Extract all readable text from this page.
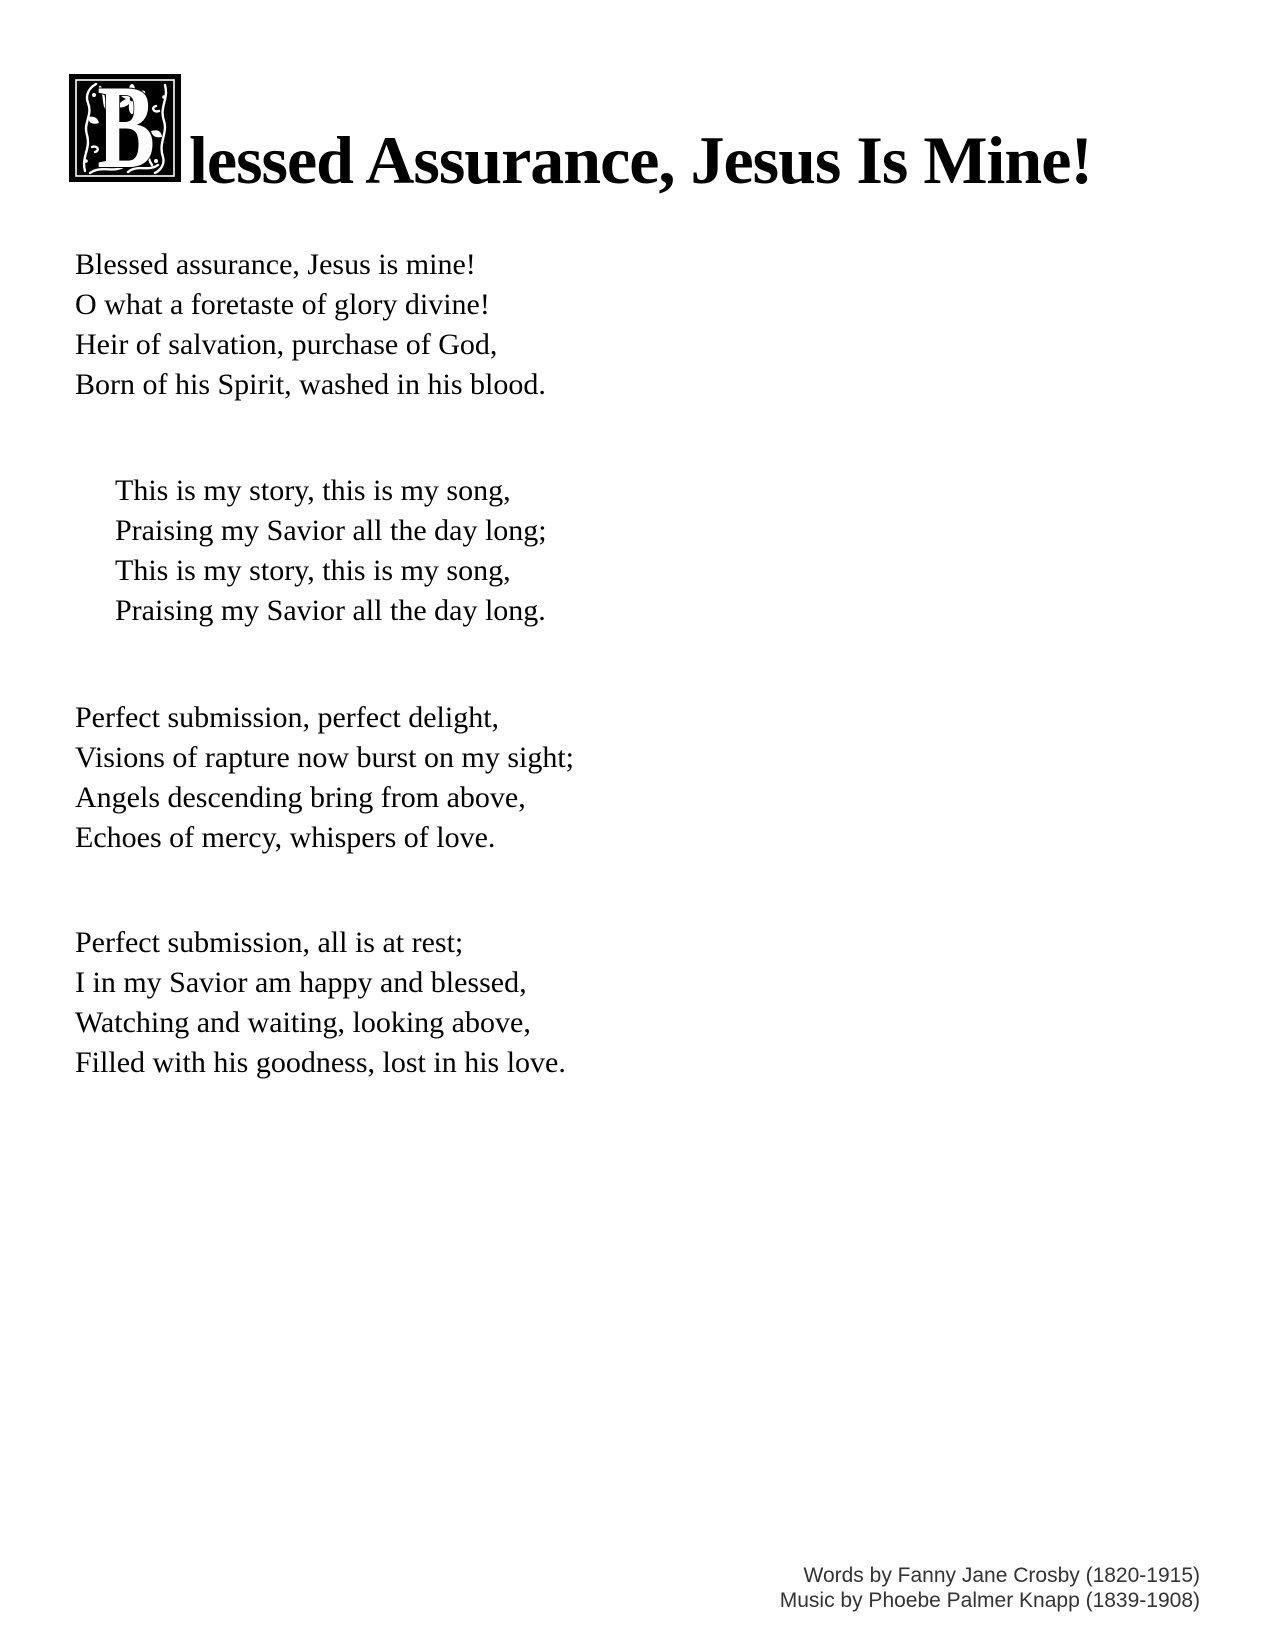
B lessed Assurance, Jesus Is Mine!

Blessed assurance, Jesus is mine!

O what a foretaste of glory divine!

Heir of salvation, purchase of God,

Born of his Spirit, washed in his blood.

This is my story, this is my song,

Praising my Savior all the day long;

This is my story, this is my song,

Praising my Savior all the day long.

Perfect submission, perfect delight,

Visions of rapture now burst on my sight;

Angels descending bring from above,

Echoes of mercy, whispers of love.

Perfect submission, all is at rest;

I in my Savior am happy and blessed,

Watching and waiting, looking above,

Filled with his goodness, lost in his love.

Words by Fanny Jane Crosby (1820-1915)

Music by Phoebe Palmer Knapp (1839-1908)
